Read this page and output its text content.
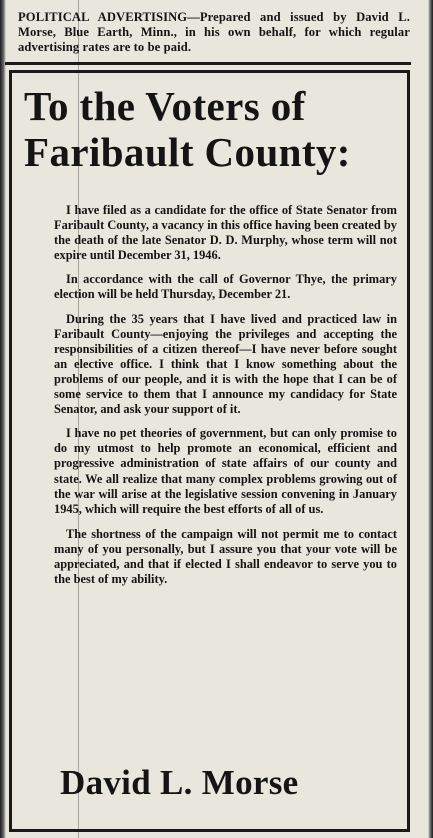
POLITICAL ADVERTISING—Prepared and issued by David L. Morse, Blue Earth, Minn., in his own behalf, for which regular advertising rates are to be paid.
To the Voters of
Faribault County:

I have filed as a candidate for the office of State Senator from Faribault County, a vacancy in this office having been created by the death of the late Senator D. D. Murphy, whose term will not expire until December 31, 1946.

In accordance with the call of Governor Thye, the primary election will be held Thursday, December 21.

During the 35 years that I have lived and practiced law in Faribault County—enjoying the privileges and accepting the responsibilities of a citizen thereof—I have never before sought an elective office. I think that I know something about the problems of our people, and it is with the hope that I can be of some service to them that I announce my candidacy for State Senator, and ask your support of it.

I have no pet theories of government, but can only promise to do my utmost to help promote an economical, efficient and progressive administration of state affairs of our county and state. We all realize that many complex problems growing out of the war will arise at the legislative session convening in January 1945, which will require the best efforts of all of us.

The shortness of the campaign will not permit me to contact many of you personally, but I assure you that your vote will be appreciated, and that if elected I shall endeavor to serve you to the best of my ability.

David L. Morse
